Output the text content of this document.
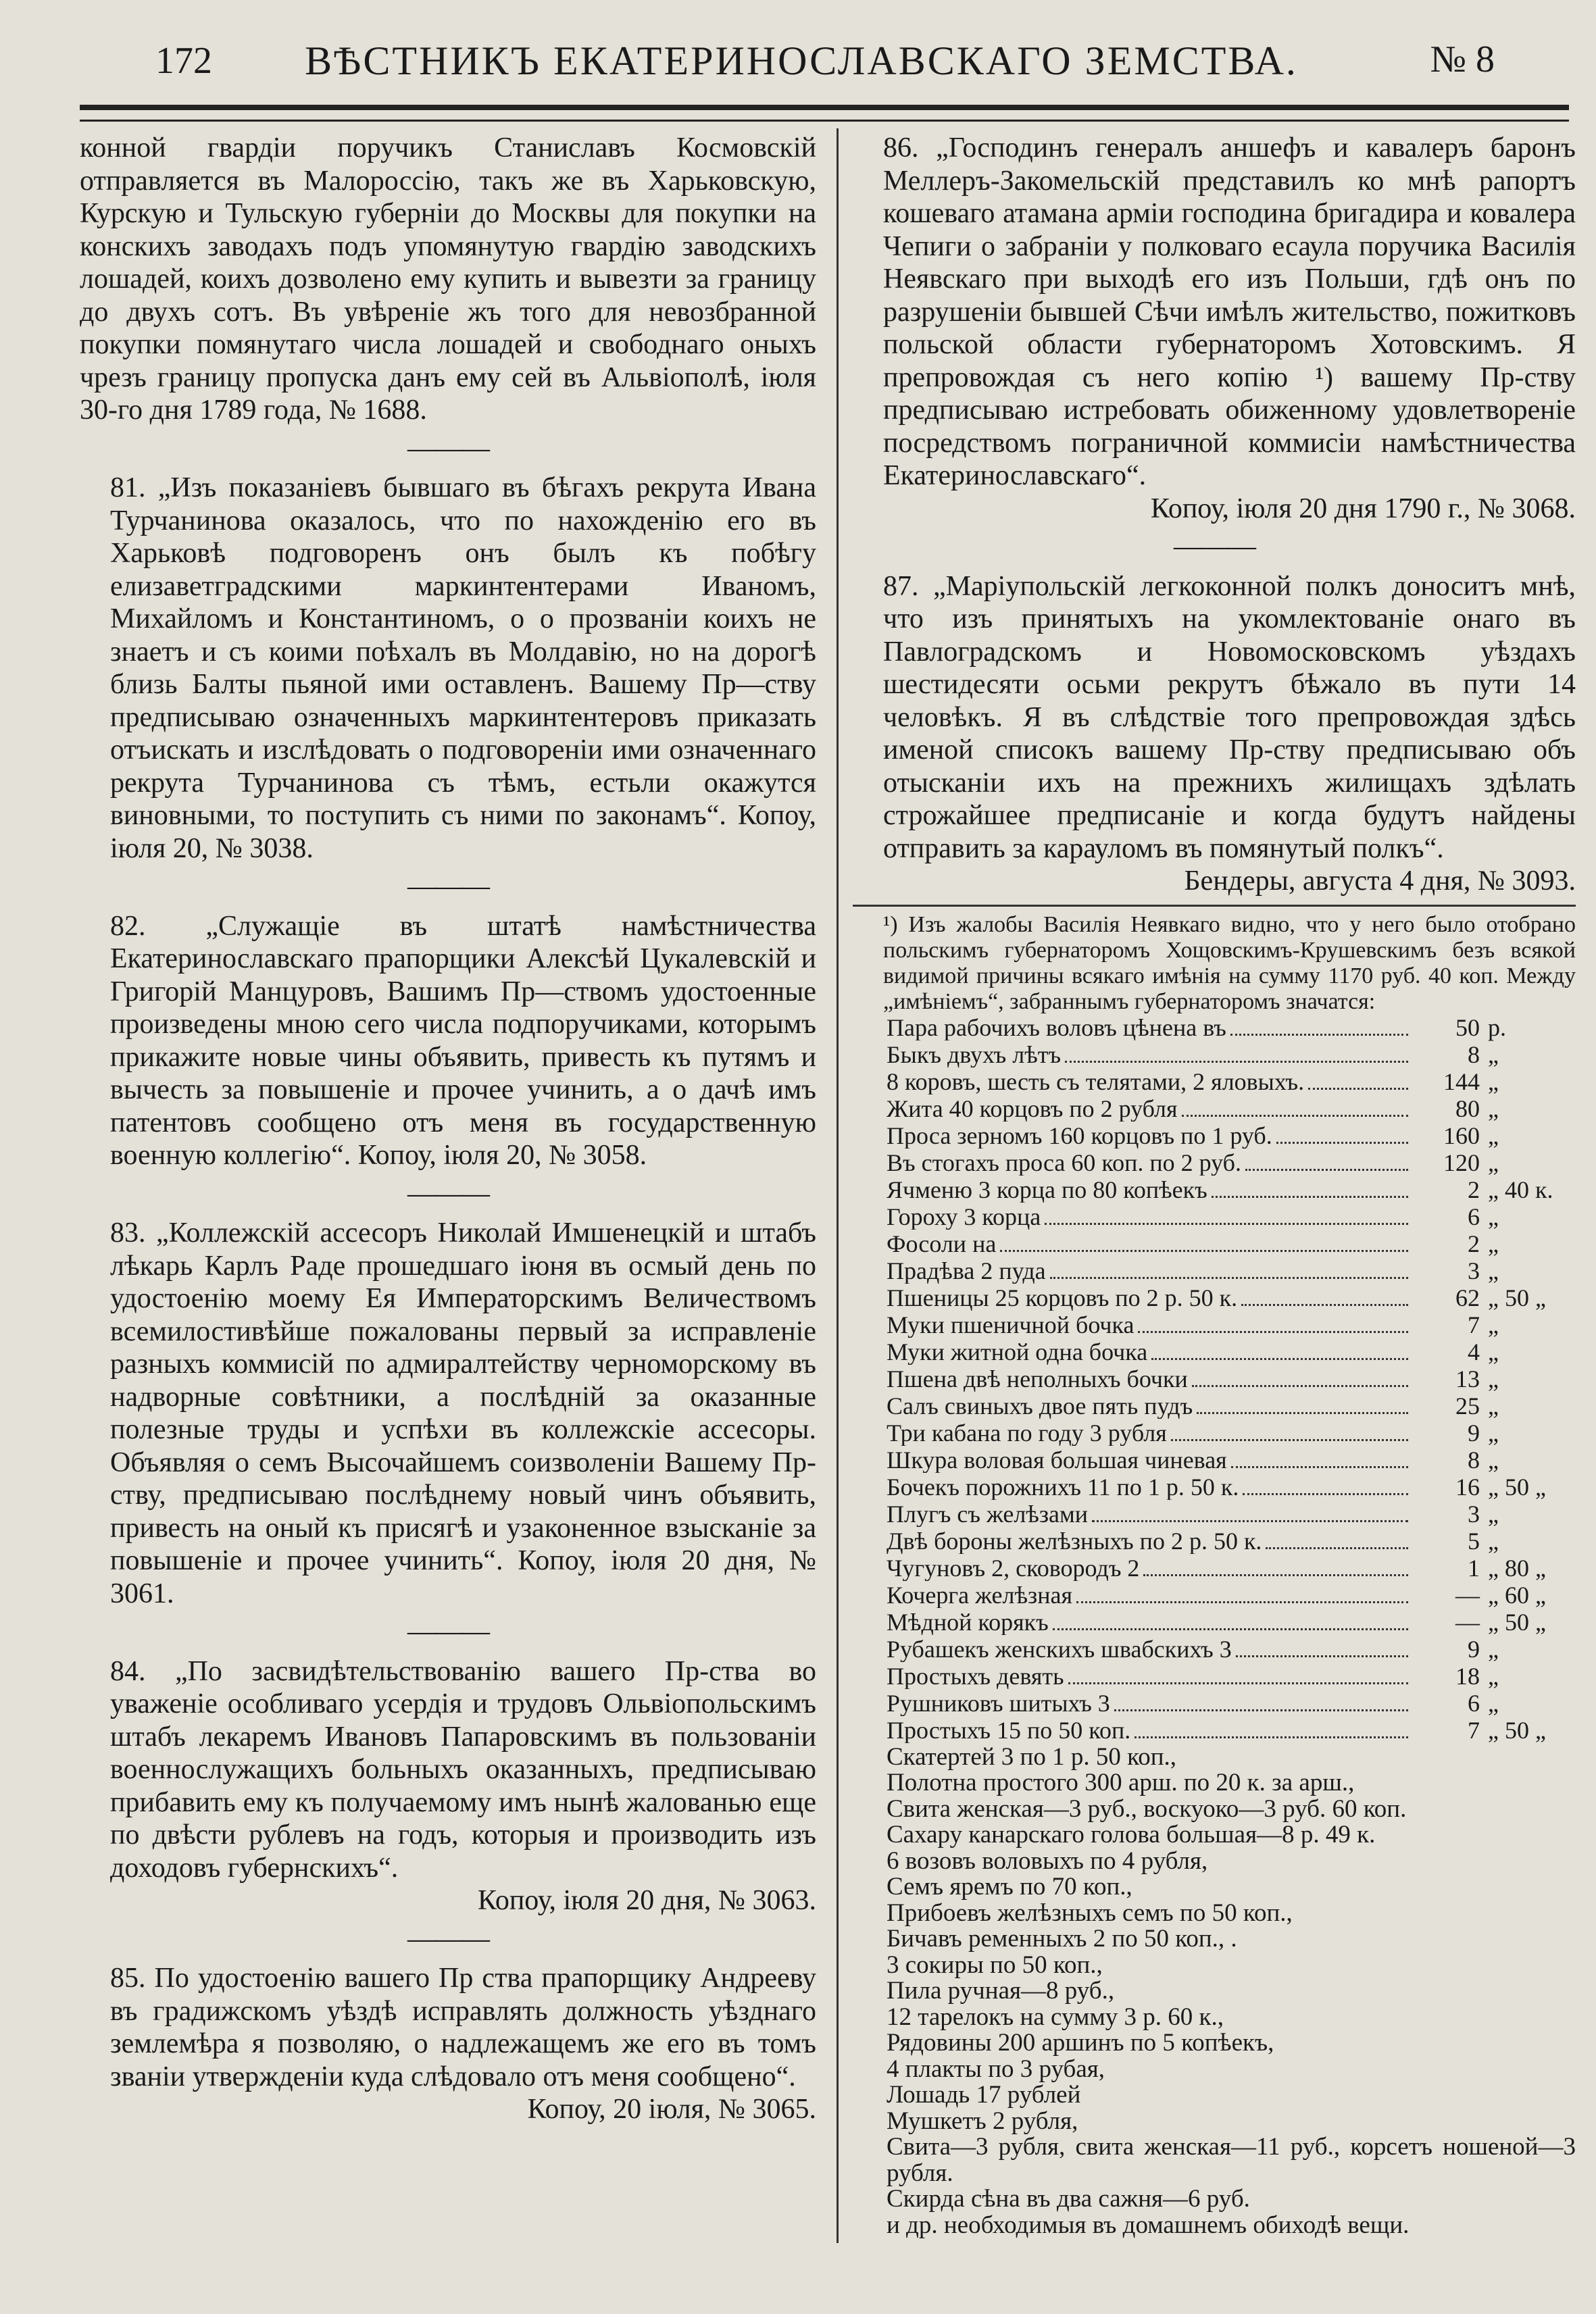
172	ВѢСТНИКЪ ЕКАТЕРИНОСЛАВСКАГО ЗЕМСТВА.	№ 8

конной гвардіи поручикъ Станиславъ Космовскій отправляется въ Малороссію, такъ же въ Харьковскую, Курскую и Тульскую губерніи до Москвы для покупки на конскихъ заводахъ подъ упомянутую гвардію заводскихъ лошадей, коихъ дозволено ему купить и вывезти за границу до двухъ сотъ. Въ увѣреніе жъ того для невозбранной покупки помянутаго числа лошадей и свободнаго оныхъ чрезъ границу пропуска данъ ему сей въ Альвіополѣ, іюля 30-го дня 1789 года, № 1688.

———

81. „Изъ показаніевъ бывшаго въ бѣгахъ рекрута Ивана Турчанинова оказалось, что по нахожденію его въ Харьковѣ подговоренъ онъ былъ къ побѣгу елизаветградскими маркинтентерами Иваномъ, Михайломъ и Константиномъ, о о прозваніи коихъ не знаетъ и съ коими поѣхалъ въ Молдавію, но на дорогѣ близь Балты пьяной ими оставленъ. Вашему Пр—ству предписываю означенныхъ маркинтентеровъ приказать отъискать и изслѣдовать о подговореніи ими означеннаго рекрута Турчанинова съ тѣмъ, естьли окажутся виновными, то поступить съ ними по законамъ“. Копоу, іюля 20, № 3038.

———

82. „Служащіе въ штатѣ намѣстничества Екатеринославскаго прапорщики Алексѣй Цукалевскій и Григорій Манцуровъ, Вашимъ Пр—ствомъ удостоенные произведены мною сего числа подпоручиками, которымъ прикажите новые чины объявить, привесть къ путямъ и вычесть за повышеніе и прочее учинить, а о дачѣ имъ патентовъ сообщено отъ меня въ государственную военную коллегію“. Копоу, іюля 20, № 3058.

———

83. „Коллежскій ассесоръ Николай Имшенецкій и штабъ лѣкарь Карлъ Раде прошедшаго іюня въ осмый день по удостоенію моему Ея Императорскимъ Величествомъ всемилостивѣйше пожалованы первый за исправленіе разныхъ коммисій по адмиралтейству черноморскому въ надворные совѣтники, а послѣдній за оказанные полезные труды и успѣхи въ коллежскіе ассесоры. Объявляя о семъ Высочайшемъ соизволеніи Вашему Пр-ству, предписываю послѣднему новый чинъ объявить, привесть на оный къ присягѣ и узаконенное взысканіе за повышеніе и прочее учинить“. Копоу, іюля 20 дня, № 3061.

———

84. „По засвидѣтельствованію вашего Пр-ства во уваженіе особливаго усердія и трудовъ Ольвіопольскимъ штабъ лекаремъ Ивановъ Папаровскимъ въ пользованіи военнослужащихъ больныхъ оказанныхъ, предписываю прибавить ему къ получаемому имъ нынѣ жалованью еще по двѣсти рублевъ на годъ, которыя и производить изъ доходовъ губернскихъ“.

Копоу, іюля 20 дня, № 3063.

———

85. По удостоенію вашего Пр ства прапорщику Андрееву въ градижскомъ уѣздѣ исправлять должность уѣзднаго землемѣра я позволяю, о надлежащемъ же его въ томъ званіи утвержденіи куда слѣдовало отъ меня сообщено“.

Копоу, 20 іюля, № 3065.

86. „Господинъ генералъ аншефъ и кавалеръ баронъ Меллеръ-Закомельскій представилъ ко мнѣ рапортъ кошеваго атамана арміи господина бригадира и ковалера Чепиги о забраніи у полковаго есаула поручика Василія Неявскаго при выходѣ его изъ Польши, гдѣ онъ по разрушеніи бывшей Сѣчи имѣлъ жительство, пожитковъ польской области губернаторомъ Хотовскимъ. Я препровождая съ него копію ¹) вашему Пр-ству предписываю истребовать обиженному удовлетвореніе посредствомъ пограничной коммисіи намѣстничества Екатеринославскаго“.

Копоу, іюля 20 дня 1790 г., № 3068.

———

87. „Маріупольскій легкоконной полкъ доноситъ мнѣ, что изъ принятыхъ на укомлектованіе онаго въ Павлоградскомъ и Новомосковскомъ уѣздахъ шестидесяти осьми рекрутъ бѣжало въ пути 14 человѣкъ. Я въ слѣдствіе того препровождая здѣсь именой списокъ вашему Пр-ству предписываю объ отысканіи ихъ на прежнихъ жилищахъ здѣлать строжайшее предписаніе и когда будутъ найдены отправить за карауломъ въ помянутый полкъ“.

Бендеры, августа 4 дня, № 3093.

¹) Изъ жалобы Василія Неявкаго видно, что у него было отобрано польскимъ губернаторомъ Хощовскимъ-Крушевскимъ безъ всякой видимой причины всякаго имѣнія на сумму 1170 руб. 40 коп. Между „имѣніемъ“, забраннымъ губернаторомъ значатся:

Пара рабочихъ воловъ цѣнена въ	50 р.
Быкъ двухъ лѣтъ	8 „
8 коровъ, шесть съ телятами, 2 яловыхъ.	144 „
Жита 40 корцовъ по 2 рубля	80 „
Проса зерномъ 160 корцовъ по 1 руб.	160 „
Въ стогахъ проса 60 коп. по 2 руб.	120 „
Ячменю 3 корца по 80 копѣекъ	2 „ 40 к.
Гороху 3 корца	6 „
Фосоли на	2 „
Прадѣва 2 пуда	3 „
Пшеницы 25 корцовъ по 2 р. 50 к.	62 „ 50 „
Муки пшеничной бочка	7 „
Муки житной одна бочка	4 „
Пшена двѣ неполныхъ бочки	13 „
Салъ свиныхъ двое пять пудъ	25 „
Три кабана по году 3 рубля	9 „
Шкура воловая большая чиневая	8 „
Бочекъ порожнихъ 11 по 1 р. 50 к.	16 „ 50 „
Плугъ съ желѣзами	3 „
Двѣ бороны желѣзныхъ по 2 р. 50 к.	5 „
Чугуновъ 2, сковородъ 2	1 „ 80 „
Кочерга желѣзная	— „ 60 „
Мѣдной корякъ	— „ 50 „
Рубашекъ женскихъ швабскихъ 3	9 „
Простыхъ девять	18 „
Рушниковъ шитыхъ 3	6 „
Простыхъ 15 по 50 коп.	7 „ 50 „
Скатертей 3 по 1 р. 50 коп.,
Полотна простого 300 арш. по 20 к. за арш.,
Свита женская—3 руб., воскуоко—3 руб. 60 коп.
Сахару канарскаго голова большая—8 р. 49 к.
6 возовъ воловыхъ по 4 рубля,
Семъ яремъ по 70 коп.,
Прибоевъ желѣзныхъ семъ по 50 коп.,
Бичавъ ременныхъ 2 по 50 коп., .
3 сокиры по 50 коп.,
Пила ручная—8 руб.,
12 тарелокъ на сумму 3 р. 60 к.,
Рядовины 200 аршинъ по 5 копѣекъ,
4 плакты по 3 рубая,
Лошадь 17 рублей
Мушкетъ 2 рубля,
Свита—3 рубля, свита женская—11 руб., корсетъ ношеной—3 рубля.
Скирда сѣна въ два сажня—6 руб.
и др. необходимыя въ домашнемъ обиходѣ вещи.
